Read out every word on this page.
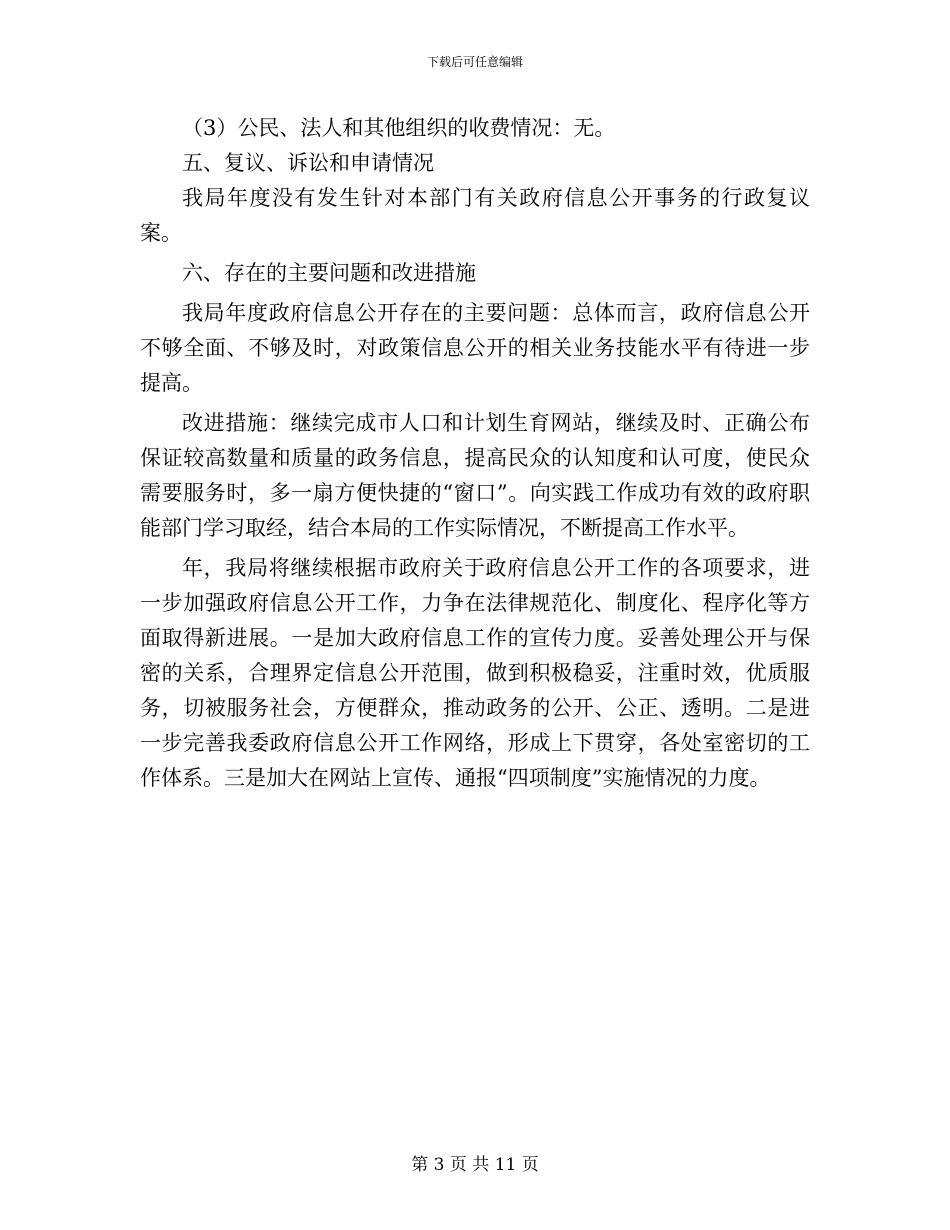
下载后可任意编辑

（3）公民、法人和其他组织的收费情况：无。

五、复议、诉讼和申请情况

我局年度没有发生针对本部门有关政府信息公开事务的行政复议案。

六、存在的主要问题和改进措施

我局年度政府信息公开存在的主要问题：总体而言，政府信息公开不够全面、不够及时，对政策信息公开的相关业务技能水平有待进一步提高。

改进措施：继续完成市人口和计划生育网站，继续及时、正确公布保证较高数量和质量的政务信息，提高民众的认知度和认可度，使民众需要服务时，多一扇方便快捷的“窗口”。向实践工作成功有效的政府职能部门学习取经，结合本局的工作实际情况，不断提高工作水平。

年，我局将继续根据市政府关于政府信息公开工作的各项要求，进一步加强政府信息公开工作，力争在法律规范化、制度化、程序化等方面取得新进展。一是加大政府信息工作的宣传力度。妥善处理公开与保密的关系，合理界定信息公开范围，做到积极稳妥，注重时效，优质服务，切被服务社会，方便群众，推动政务的公开、公正、透明。二是进一步完善我委政府信息公开工作网络，形成上下贯穿，各处室密切的工作体系。三是加大在网站上宣传、通报“四项制度”实施情况的力度。

第 3 页 共 11 页
